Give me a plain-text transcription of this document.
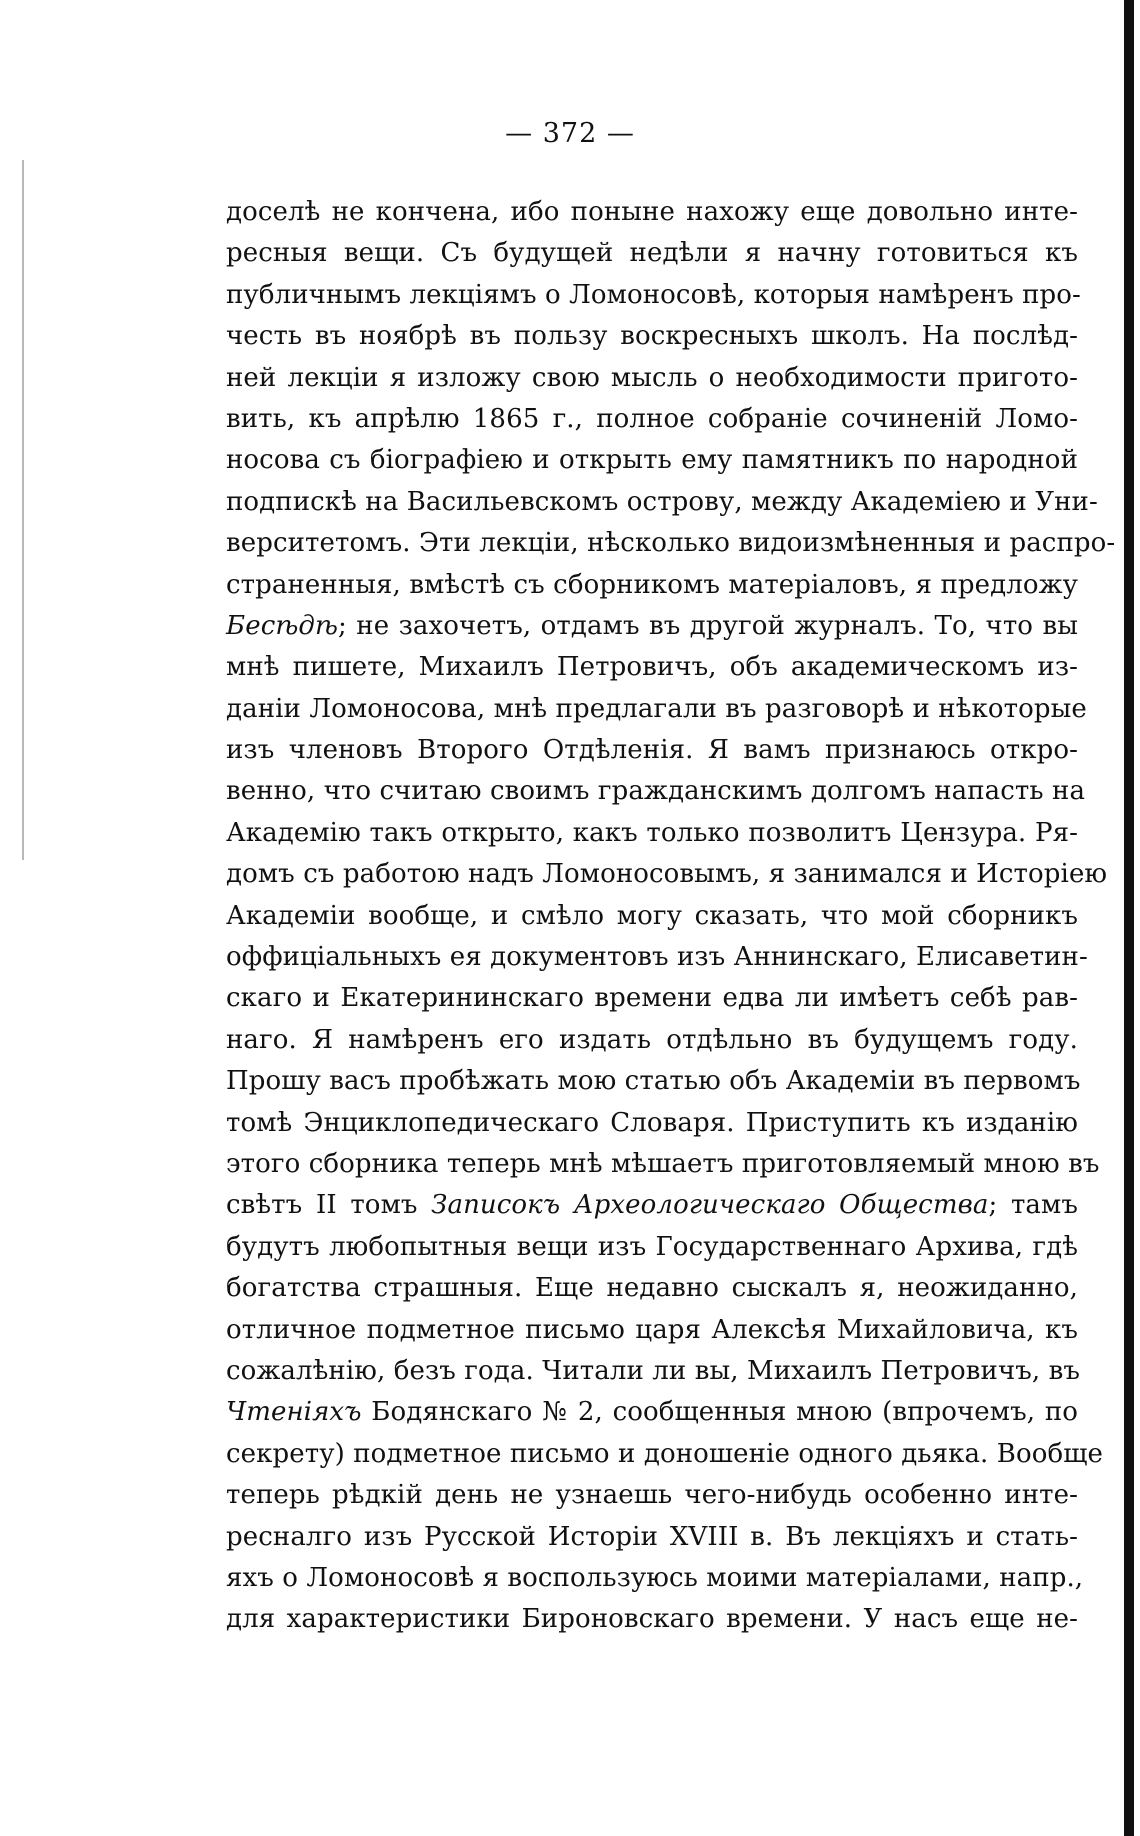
— 372 —
доселѣ не кончена, ибо поныне нахожу еще довольно инте-
ресныя вещи. Съ будущей недѣли я начну готовиться къ
публичнымъ лекціямъ о Ломоносовѣ, которыя намѣренъ про-
честь въ ноябрѣ въ пользу воскресныхъ школъ. На послѣд-
ней лекціи я изложу свою мысль о необходимости пригото-
вить, къ апрѣлю 1865 г., полное собраніе сочиненій Ломо-
носова съ біографіею и открыть ему памятникъ по народной
подпискѣ на Васильевскомъ острову, между Академіею и Уни-
верситетомъ. Эти лекціи, нѣсколько видоизмѣненныя и распро-
страненныя, вмѣстѣ съ сборникомъ матеріаловъ, я предложу
Бесѣдѣ; не захочетъ, отдамъ въ другой журналъ. То, что вы
мнѣ пишете, Михаилъ Петровичъ, объ академическомъ из-
даніи Ломоносова, мнѣ предлагали въ разговорѣ и нѣкоторые
изъ членовъ Второго Отдѣленія. Я вамъ признаюсь откро-
венно, что считаю своимъ гражданскимъ долгомъ напасть на
Академію такъ открыто, какъ только позволитъ Цензура. Ря-
домъ съ работою надъ Ломоносовымъ, я занимался и Исторіею
Академіи вообще, и смѣло могу сказать, что мой сборникъ
оффиціальныхъ ея документовъ изъ Аннинскаго, Елисаветин-
скаго и Екатерининскаго времени едва ли имѣетъ себѣ рав-
наго. Я намѣренъ его издать отдѣльно въ будущемъ году.
Прошу васъ пробѣжать мою статью объ Академіи въ первомъ
томѣ Энциклопедическаго Словаря. Приступить къ изданію
этого сборника теперь мнѣ мѣшаетъ приготовляемый мною въ
свѣтъ II томъ Записокъ Археологическаго Общества; тамъ
будутъ любопытныя вещи изъ Государственнаго Архива, гдѣ
богатства страшныя. Еще недавно сыскалъ я, неожиданно,
отличное подметное письмо царя Алексѣя Михайловича, къ
сожалѣнію, безъ года. Читали ли вы, Михаилъ Петровичъ, въ
Чтеніяхъ Бодянскаго № 2, сообщенныя мною (впрочемъ, по
секрету) подметное письмо и доношеніе одного дьяка. Вообще
теперь рѣдкій день не узнаешь чего-нибудь особенно инте-
ресналго изъ Русской Исторіи XVIII в. Въ лекціяхъ и стать-
яхъ о Ломоносовѣ я воспользуюсь моими матеріалами, напр.,
для характеристики Бироновскаго времени. У насъ еще не-
